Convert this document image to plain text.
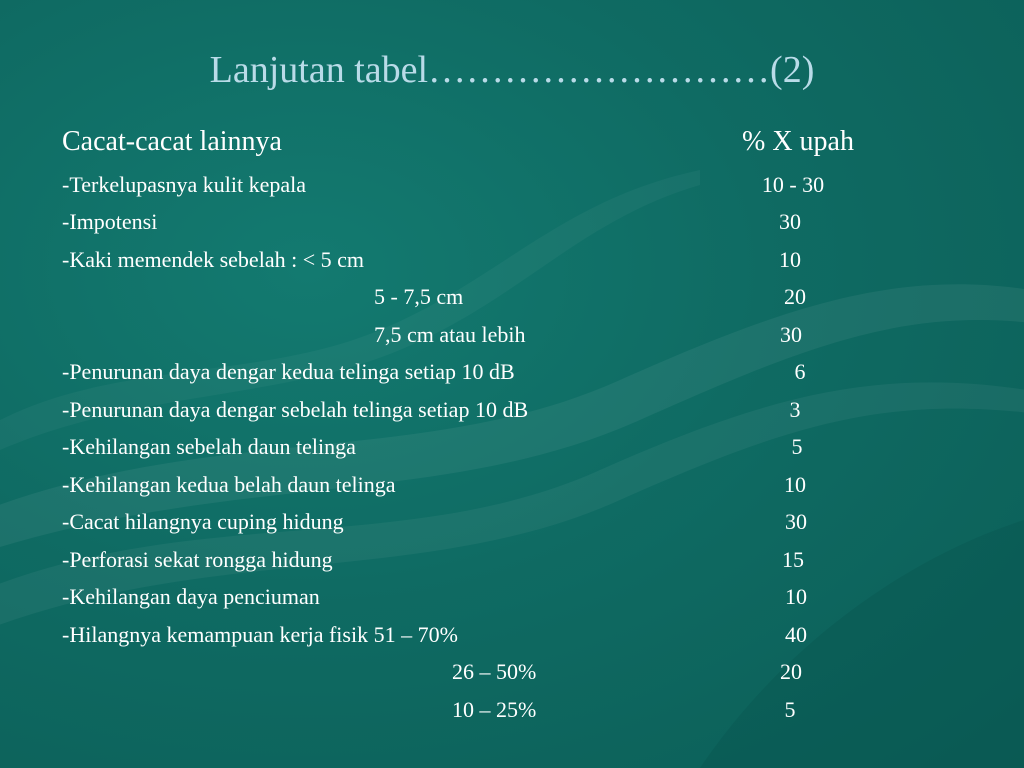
Lanjutan tabel………………………(2)
Cacat-cacat lainnya	% X upah
-Terkelupasnya kulit kepala	10 - 30
-Impotensi	30
-Kaki memendek sebelah : < 5 cm	10
5 - 7,5 cm	20
7,5 cm atau lebih	30
-Penurunan daya dengar kedua telinga setiap 10 dB	6
-Penurunan daya dengar sebelah telinga setiap 10 dB	3
-Kehilangan sebelah daun telinga	5
-Kehilangan kedua belah daun telinga	10
-Cacat hilangnya cuping hidung	30
-Perforasi sekat rongga hidung	15
-Kehilangan daya penciuman	10
-Hilangnya kemampuan kerja fisik 51 – 70%	40
26 – 50%	20
10 – 25%	5
